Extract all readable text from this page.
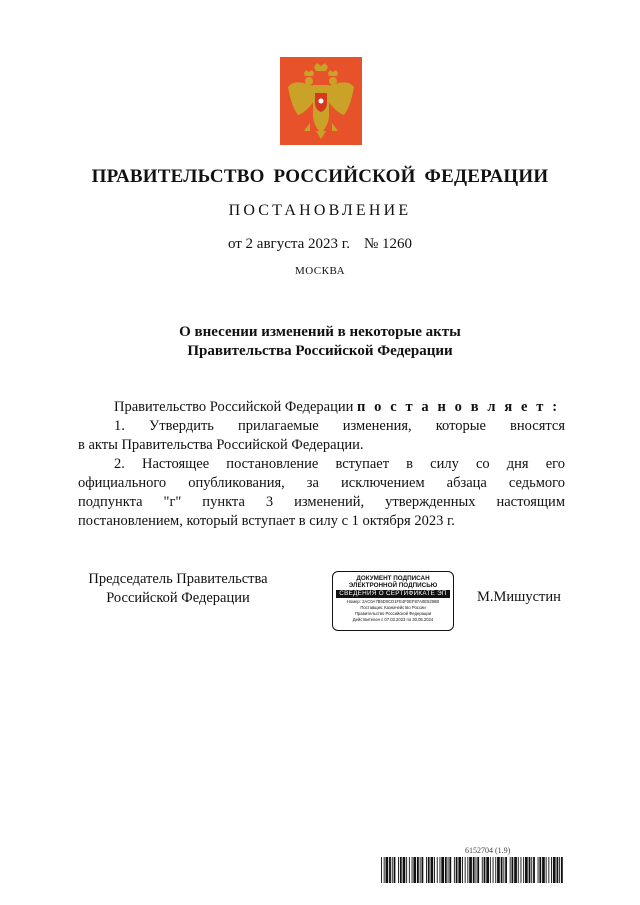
ПРАВИТЕЛЬСТВО РОССИЙСКОЙ ФЕДЕРАЦИИ
ПОСТАНОВЛЕНИЕ
от 2 августа 2023 г. № 1260
МОСКВА
О внесении изменений в некоторые акты
Правительства Российской Федерации

Правительство Российской Федерации п о с т а н о в л я е т :

1. Утвердить прилагаемые изменения, которые вносятся

в акты Правительства Российской Федерации.

2. Настоящее постановление вступает в силу со дня его

официального опубликования, за исключением абзаца седьмого

подпункта "г" пункта 3 изменений, утвержденных настоящим

постановлением, который вступает в силу с 1 октября 2023 г.

Председатель Правительства
Российской Федерации
ДОКУМЕНТ ПОДПИСАН
ЭЛЕКТРОННОЙ ПОДПИСЬЮ
СВЕДЕНИЯ О СЕРТИФИКАТЕ ЭП
Номер: 2AC0A7B5D0CD1FE4F0EF87A0E5298B
Поставщик: Казначейство России
Правительство Российской Федерации
Действителен с 07.03.2023 по 30.05.2024
М.Мишустин
6152704 (1.9)
